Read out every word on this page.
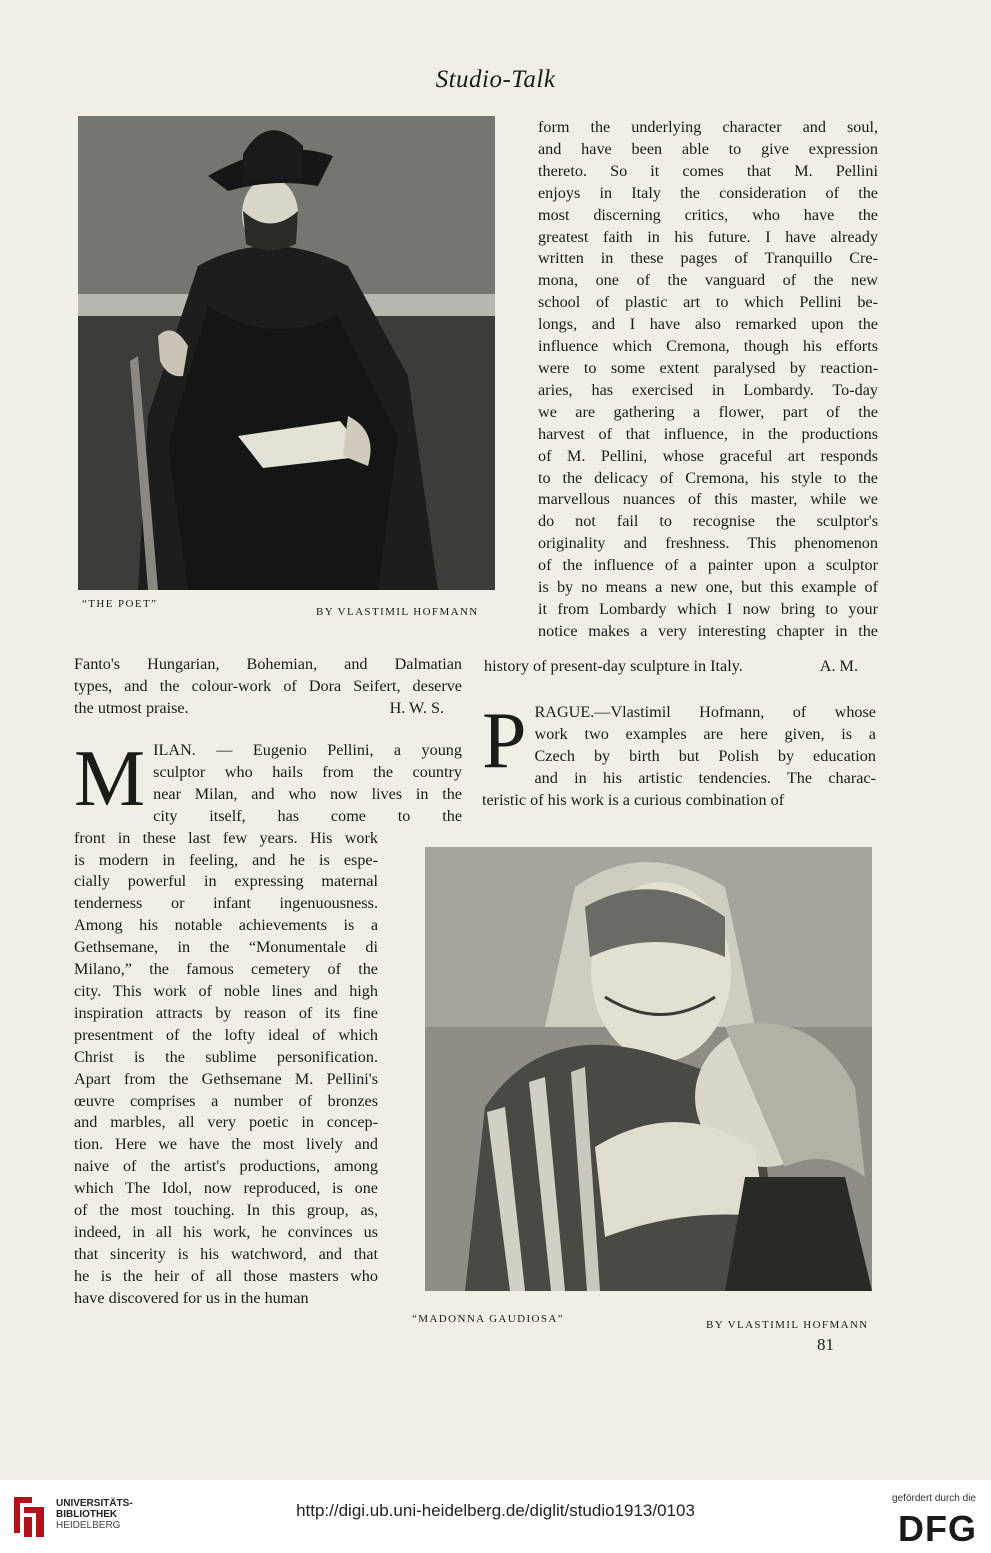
Studio-Talk
“THE POET”
BY VLASTIMIL HOFMANN

form the underlying character and soul,
and have been able to give expression
thereto. So it comes that M. Pellini
enjoys in Italy the consideration of the
most discerning critics, who have the
greatest faith in his future. I have already
written in these pages of Tranquillo Cre-
mona, one of the vanguard of the new
school of plastic art to which Pellini be-
longs, and I have also remarked upon the
influence which Cremona, though his efforts
were to some extent paralysed by reaction-
aries, has exercised in Lombardy. To-day
we are gathering a flower, part of the
harvest of that influence, in the productions
of M. Pellini, whose graceful art responds
to the delicacy of Cremona, his style to the
marvellous nuances of this master, while we
do not fail to recognise the sculptor's
originality and freshness. This phenomenon
of the influence of a painter upon a sculptor
is by no means a new one, but this example of
it from Lombardy which I now bring to your
notice makes a very interesting chapter in the

history of present-day sculpture in Italy.	A. M.

Fanto's Hungarian, Bohemian, and Dalmatian
types, and the colour-work of Dora Seifert, deserve

the utmost praise.	H. W. S.
M ILAN. — Eugenio Pellini, a young
sculptor who hails from the country
near Milan, and who now lives in the
city itself, has come to the
front in these last few years. His work
is modern in feeling, and he is espe-
cially powerful in expressing maternal
tenderness or infant ingenuousness.
Among his notable achievements is a
Gethsemane, in the “Monumentale di
Milano,” the famous cemetery of the
city. This work of noble lines and high
inspiration attracts by reason of its fine
presentment of the lofty ideal of which
Christ is the sublime personification.
Apart from the Gethsemane M. Pellini's
œuvre comprises a number of bronzes
and marbles, all very poetic in concep-
tion. Here we have the most lively and
naive of the artist's productions, among
which The Idol, now reproduced, is one
of the most touching. In this group, as,
indeed, in all his work, he convinces us
that sincerity is his watchword, and that
he is the heir of all those masters who
have discovered for us in the human
P RAGUE.—Vlastimil Hofmann, of whose
work two examples are here given, is a
Czech by birth but Polish by education
and in his artistic tendencies. The charac-
teristic of his work is a curious combination of
“MADONNA GAUDIOSA”	BY VLASTIMIL HOFMANN
81
UNIVERSITÄTS-
BIBLIOTHEK
HEIDELBERG
http://digi.ub.uni-heidelberg.de/diglit/studio1913/0103
gefördert durch die
DFG
